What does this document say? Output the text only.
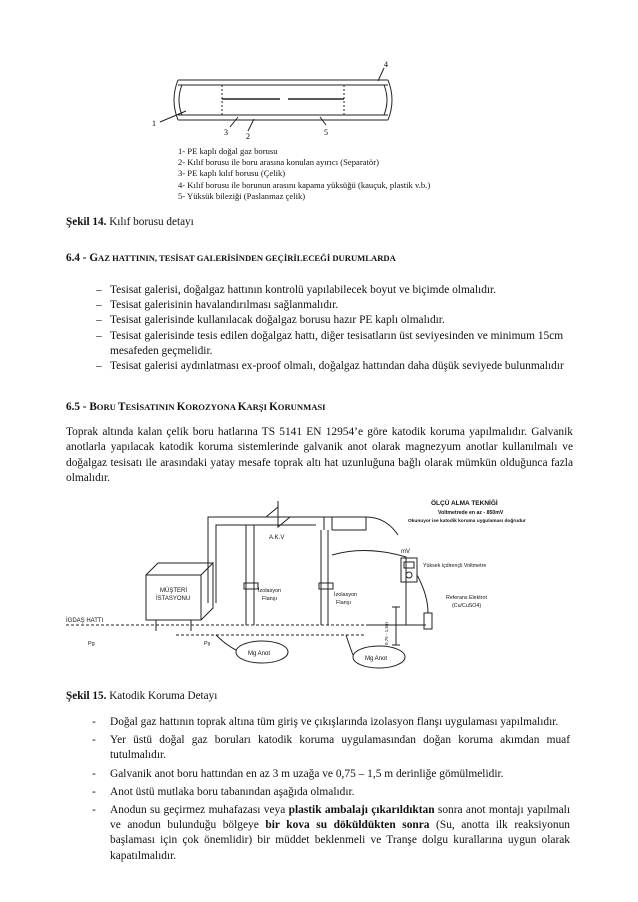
1
2
3
4
5
1- PE kaplı doğal gaz borusu
2- Kılıf borusu ile boru arasına konulan ayırıcı (Separatör)
3- PE kaplı kılıf borusu (Çelik)
4- Kılıf borusu ile borunun arasını kapama yüksüğü (kauçuk, plastik v.b.)
5- Yüksük bileziği (Paslanmaz çelik)
Şekil 14. Kılıf borusu detayı
6.4 - GAZ HATTININ, TESİSAT GALERİSİNDEN GEÇİRİLECEĞİ DURUMLARDA
– Tesisat galerisi, doğalgaz hattının kontrolü yapılabilecek boyut ve biçimde olmalıdır.
– Tesisat galerisinin havalandırılması sağlanmalıdır.
– Tesisat galerisinde kullanılacak doğalgaz borusu hazır PE kaplı olmalıdır.
– Tesisat galerisinde tesis edilen doğalgaz hattı, diğer tesisatların üst seviyesinden ve minimum 15cm mesafeden geçmelidir.
– Tesisat galerisi aydınlatması ex-proof olmalı, doğalgaz hattından daha düşük seviyede bulunmalıdır
6.5 - BORU TESİSATININ KOROZYONA KARŞI KORUNMASI
Toprak altında kalan çelik boru hatlarına TS 5141 EN 12954’e göre katodik koruma yapılmalıdır. Galvanik anotlarla yapılacak katodik koruma sistemlerinde galvanik anot olarak magnezyum anotlar kullanılmalı ve doğalgaz tesisatı ile arasındaki yatay mesafe toprak altı hat uzunluğuna bağlı olarak mümkün olduğunca fazla olmalıdır.
ÖLÇÜ ALMA TEKNİĞİ
Voltmetrede en az - 850mV
Okunuyor ise katodik koruma uygulaması doğrudur
A.K.V
MÜŞTERİ
İSTASYONU
İzolasyon
Flanşı
İzolasyon
Flanşı
mV
Yüksek içdirençli Voltmetre
Referans Elektrot
(Cu/CuSO4)
İGDAŞ HATTI
Pg	Pş
Mg Anot
Mg Anot
0,75 - 1,5m
Şekil 15. Katodik Koruma Detayı
- Doğal gaz hattının toprak altına tüm giriş ve çıkışlarında izolasyon flanşı uygulaması yapılmalıdır.
- Yer üstü doğal gaz boruları katodik koruma uygulamasından doğan koruma akımdan muaf tutulmalıdır.
- Galvanik anot boru hattından en az 3 m uzağa ve 0,75 – 1,5 m derinliğe gömülmelidir.
- Anot üstü mutlaka boru tabanından aşağıda olmalıdır.
- Anodun su geçirmez muhafazası veya plastik ambalajı çıkarıldıktan sonra anot montajı yapılmalı ve anodun bulunduğu bölgeye bir kova su döküldükten sonra (Su, anotta ilk reaksiyonun başlaması için çok önemlidir) bir müddet beklenmeli ve Tranşe dolgu kurallarına uygun olarak kapatılmalıdır.
